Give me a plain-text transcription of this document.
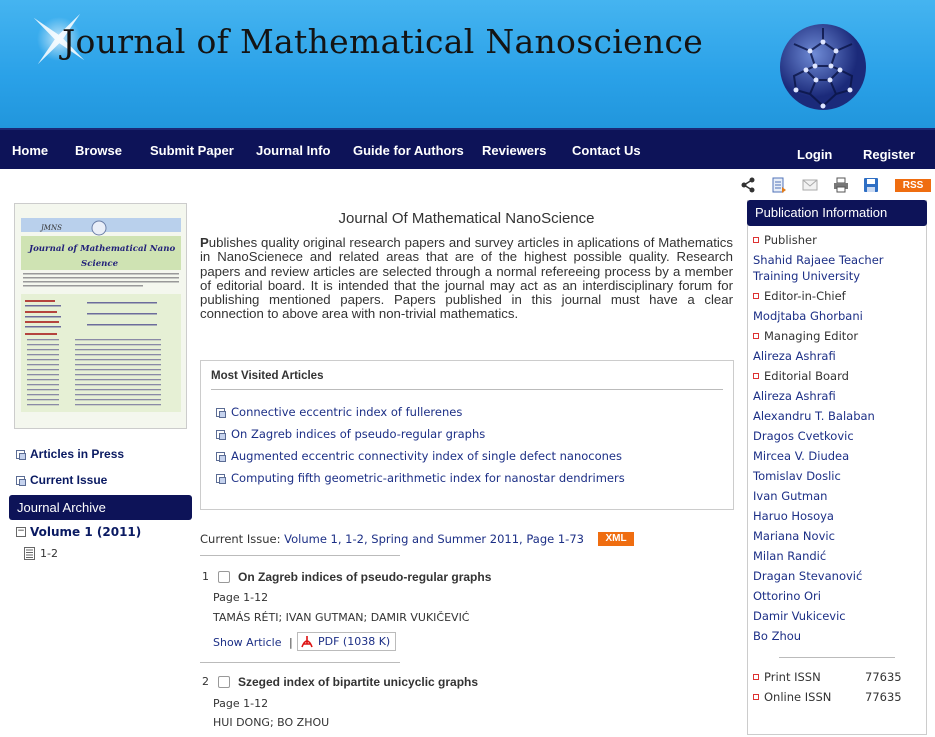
Journal of Mathematical Nanoscience
Home Browse Submit Paper Journal Info Guide for Authors Reviewers Contact Us	Login Register
RSS
JMNS
Journal of Mathematical Nano
Science
Articles in Press
Current Issue
Journal Archive
− Volume 1 (2011)
1-2
Journal Of Mathematical NanoScience
Publishes quality original research papers and survey articles in aplications of Mathematics in NanoScienece and related areas that are of the highest possible quality. Research papers and review articles are selected through a normal refereeing process by a member of editorial board. It is intended that the journal may act as an interdisciplinary forum for publishing mentioned papers. Papers published in this journal must have a clear connection to above area with non-trivial mathematics.
Most Visited Articles
Connective eccentric index of fullerenes
On Zagreb indices of pseudo-regular graphs
Augmented eccentric connectivity index of single defect nanocones
Computing fifth geometric-arithmetic index for nanostar dendrimers
Current Issue: Volume 1, 1-2, Spring and Summer 2011, Page 1-73	XML
1 On Zagreb indices of pseudo-regular graphs
Page 1-12
TAMÁS RÉTI; IVAN GUTMAN; DAMIR VUKIČEVIĆ
Show Article | PDF (1038 K)
2 Szeged index of bipartite unicyclic graphs
Page 1-12
HUI DONG; BO ZHOU
Publication Information
Publisher
Shahid Rajaee Teacher
Training University
Editor-in-Chief
Modjtaba Ghorbani
Managing Editor
Alireza Ashrafi
Editorial Board
Alireza Ashrafi
Alexandru T. Balaban
Dragos Cvetkovic
Mircea V. Diudea
Tomislav Doslic
Ivan Gutman
Haruo Hosoya
Mariana Novic
Milan Randić
Dragan Stevanović
Ottorino Ori
Damir Vukicevic
Bo Zhou
Print ISSN	77635
Online ISSN	77635
